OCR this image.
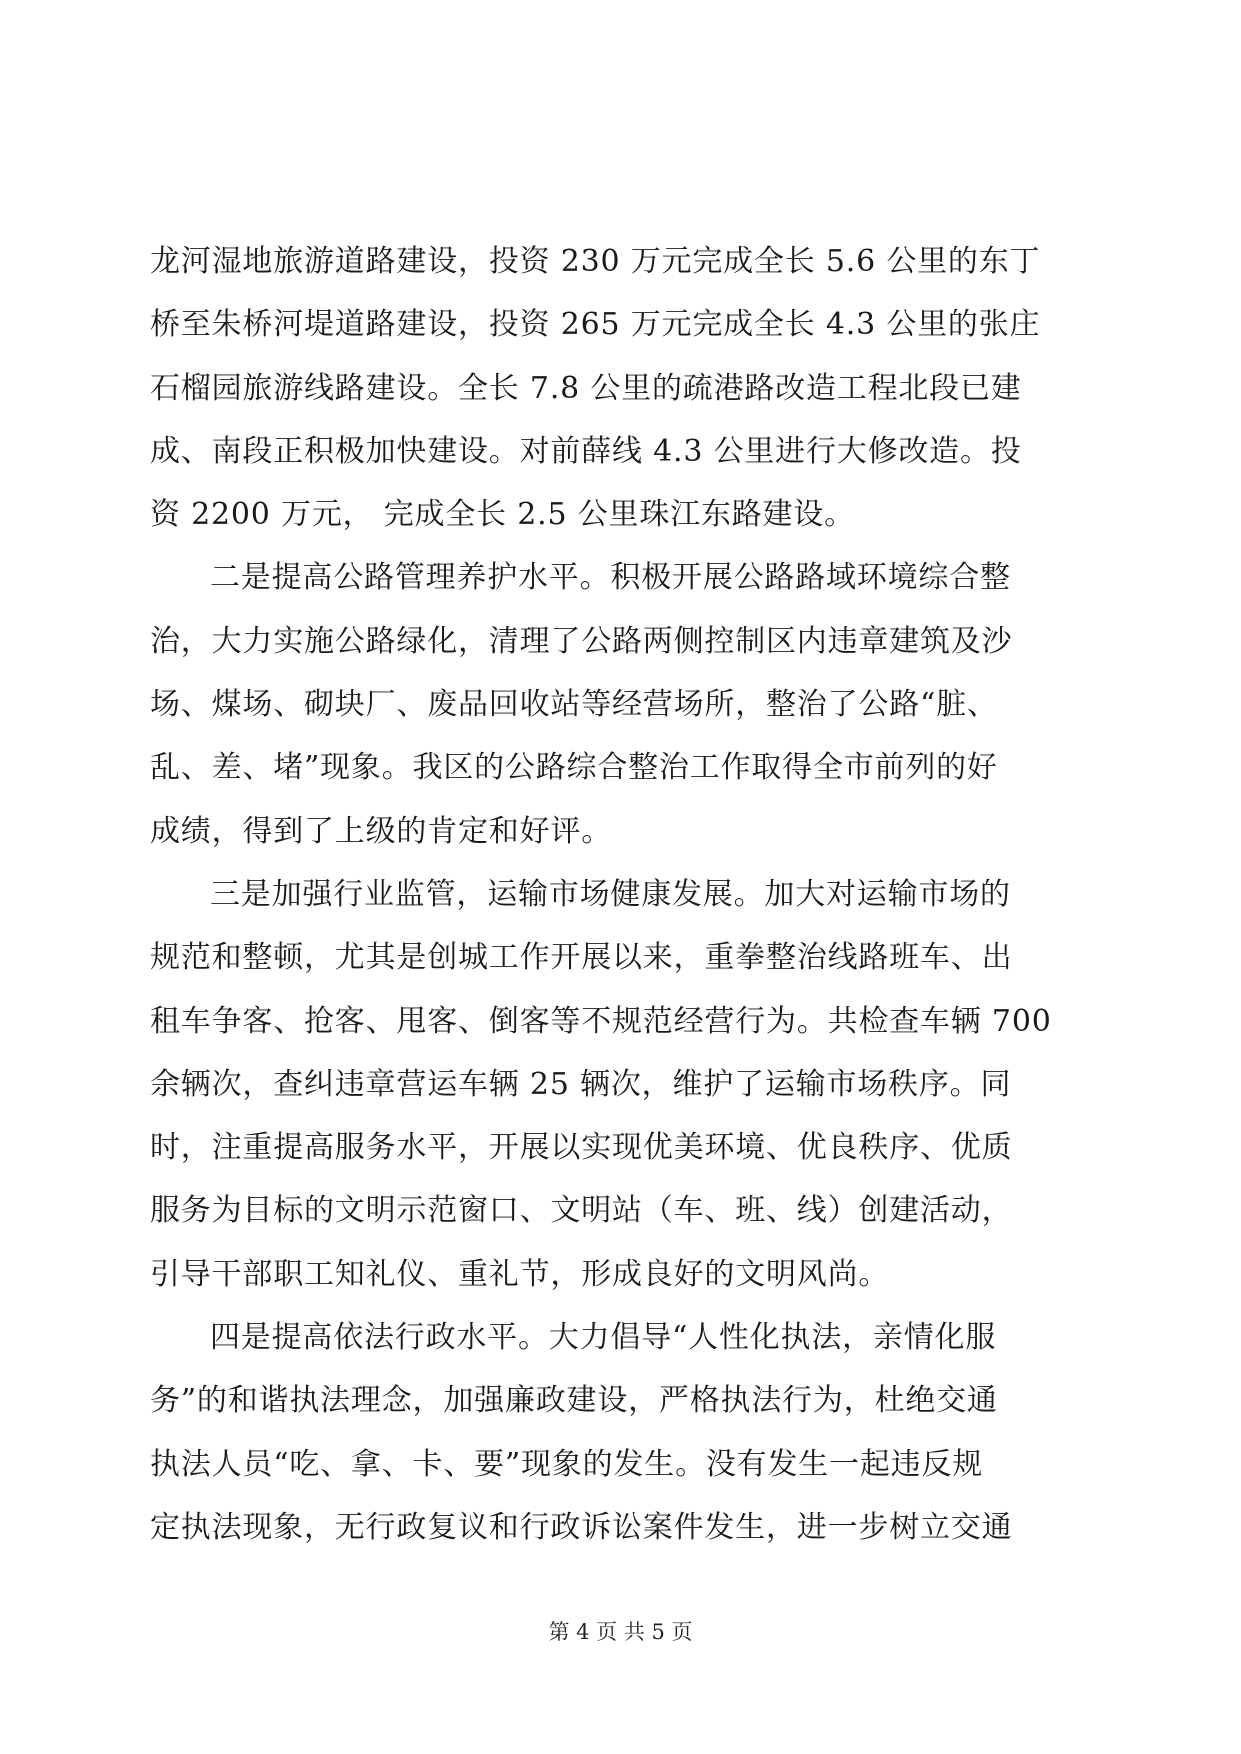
龙河湿地旅游道路建设，投资 230 万元完成全长 5.6 公里的东丁
桥至朱桥河堤道路建设，投资 265 万元完成全长 4.3 公里的张庄
石榴园旅游线路建设。全长 7.8 公里的疏港路改造工程北段已建
成、南段正积极加快建设。对前薛线 4.3 公里进行大修改造。投
资 2200 万元， 完成全长 2.5 公里珠江东路建设。
二是提高公路管理养护水平。积极开展公路路域环境综合整
治，大力实施公路绿化，清理了公路两侧控制区内违章建筑及沙
场、煤场、砌块厂、废品回收站等经营场所，整治了公路“脏、
乱、差、堵”现象。我区的公路综合整治工作取得全市前列的好
成绩，得到了上级的肯定和好评。
三是加强行业监管，运输市场健康发展。加大对运输市场的
规范和整顿，尤其是创城工作开展以来，重拳整治线路班车、出
租车争客、抢客、甩客、倒客等不规范经营行为。共检查车辆 700
余辆次，查纠违章营运车辆 25 辆次，维护了运输市场秩序。同
时，注重提高服务水平，开展以实现优美环境、优良秩序、优质
服务为目标的文明示范窗口、文明站（车、班、线）创建活动，
引导干部职工知礼仪、重礼节，形成良好的文明风尚。
四是提高依法行政水平。大力倡导“人性化执法，亲情化服
务”的和谐执法理念，加强廉政建设，严格执法行为，杜绝交通
执法人员“吃、拿、卡、要”现象的发生。没有发生一起违反规
定执法现象，无行政复议和行政诉讼案件发生，进一步树立交通
第 4 页 共 5 页
